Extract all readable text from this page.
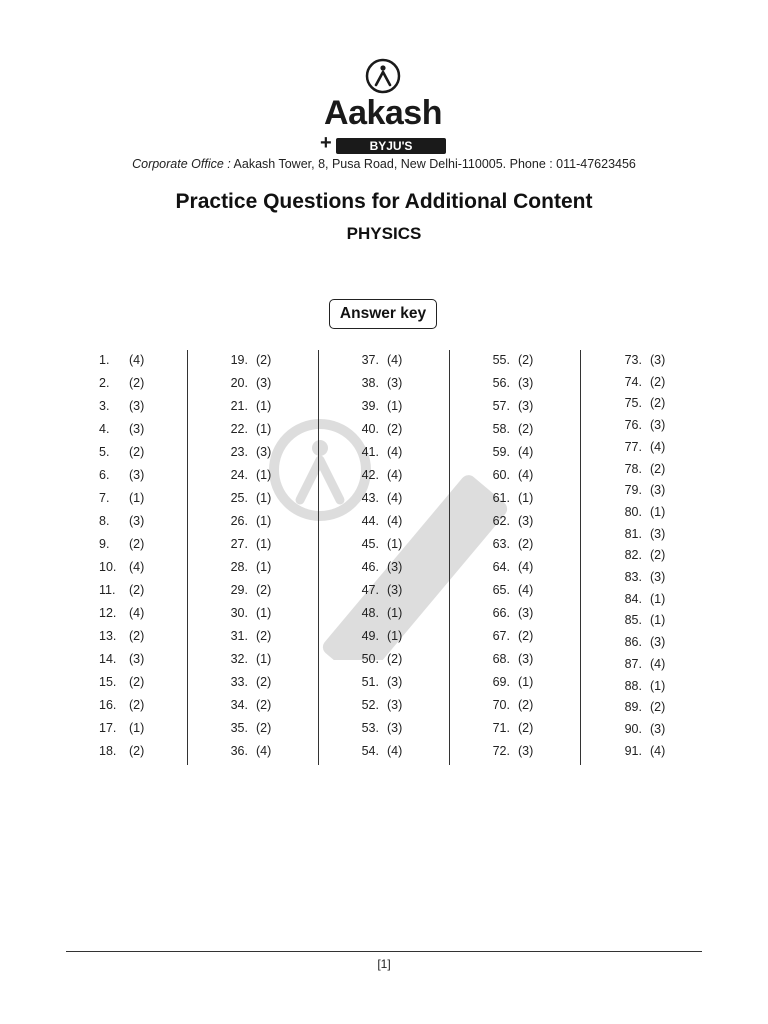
Aakash
+	BYJU'S
Corporate Office : Aakash Tower, 8, Pusa Road, New Delhi-110005. Phone : 011-47623456
Practice Questions for Additional Content
PHYSICS
Answer key
1. (4)
2. (2)
3. (3)
4. (3)
5. (2)
6. (3)
7. (1)
8. (3)
9. (2)
10. (4)
11. (2)
12. (4)
13. (2)
14. (3)
15. (2)
16. (2)
17. (1)
18. (2)
19. (2)
20. (3)
21. (1)
22. (1)
23. (3)
24. (1)
25. (1)
26. (1)
27. (1)
28. (1)
29. (2)
30. (1)
31. (2)
32. (1)
33. (2)
34. (2)
35. (2)
36. (4)
37. (4)
38. (3)
39. (1)
40. (2)
41. (4)
42. (4)
43. (4)
44. (4)
45. (1)
46. (3)
47. (3)
48. (1)
49. (1)
50. (2)
51. (3)
52. (3)
53. (3)
54. (4)
55. (2)
56. (3)
57. (3)
58. (2)
59. (4)
60. (4)
61. (1)
62. (3)
63. (2)
64. (4)
65. (4)
66. (3)
67. (2)
68. (3)
69. (1)
70. (2)
71. (2)
72. (3)
73. (3)
74. (2)
75. (2)
76. (3)
77. (4)
78. (2)
79. (3)
80. (1)
81. (3)
82. (2)
83. (3)
84. (1)
85. (1)
86. (3)
87. (4)
88. (1)
89. (2)
90. (3)
91. (4)
[1]
